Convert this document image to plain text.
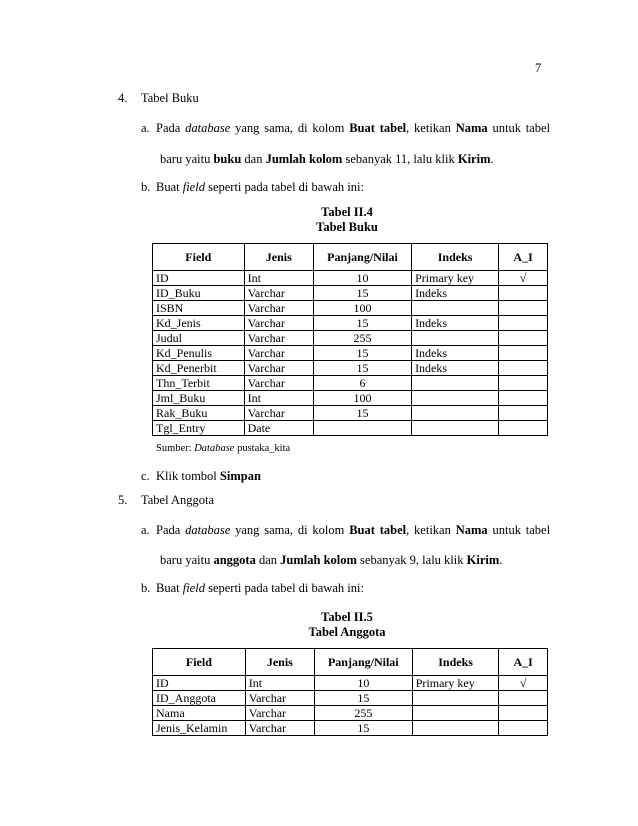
7
4. Tabel Buku
a. Pada database yang sama, di kolom Buat tabel, ketikan Nama untuk tabel
baru yaitu buku dan Jumlah kolom sebanyak 11, lalu klik Kirim.
b. Buat field seperti pada tabel di bawah ini:
Tabel II.4
Tabel Buku
Field	Jenis	Panjang/Nilai	Indeks	A_I
ID	Int	10	Primary key	√
ID_Buku	Varchar	15	Indeks	
ISBN	Varchar	100		
Kd_Jenis	Varchar	15	Indeks	
Judul	Varchar	255		
Kd_Penulis	Varchar	15	Indeks	
Kd_Penerbit	Varchar	15	Indeks	
Thn_Terbit	Varchar	6		
Jml_Buku	Int	100		
Rak_Buku	Varchar	15		
Tgl_Entry	Date			
Sumber: Database pustaka_kita
c. Klik tombol Simpan
5. Tabel Anggota
a. Pada database yang sama, di kolom Buat tabel, ketikan Nama untuk tabel
baru yaitu anggota dan Jumlah kolom sebanyak 9, lalu klik Kirim.
b. Buat field seperti pada tabel di bawah ini:
Tabel II.5
Tabel Anggota
Field	Jenis	Panjang/Nilai	Indeks	A_I
ID	Int	10	Primary key	√
ID_Anggota	Varchar	15		
Nama	Varchar	255		
Jenis_Kelamin	Varchar	15		
